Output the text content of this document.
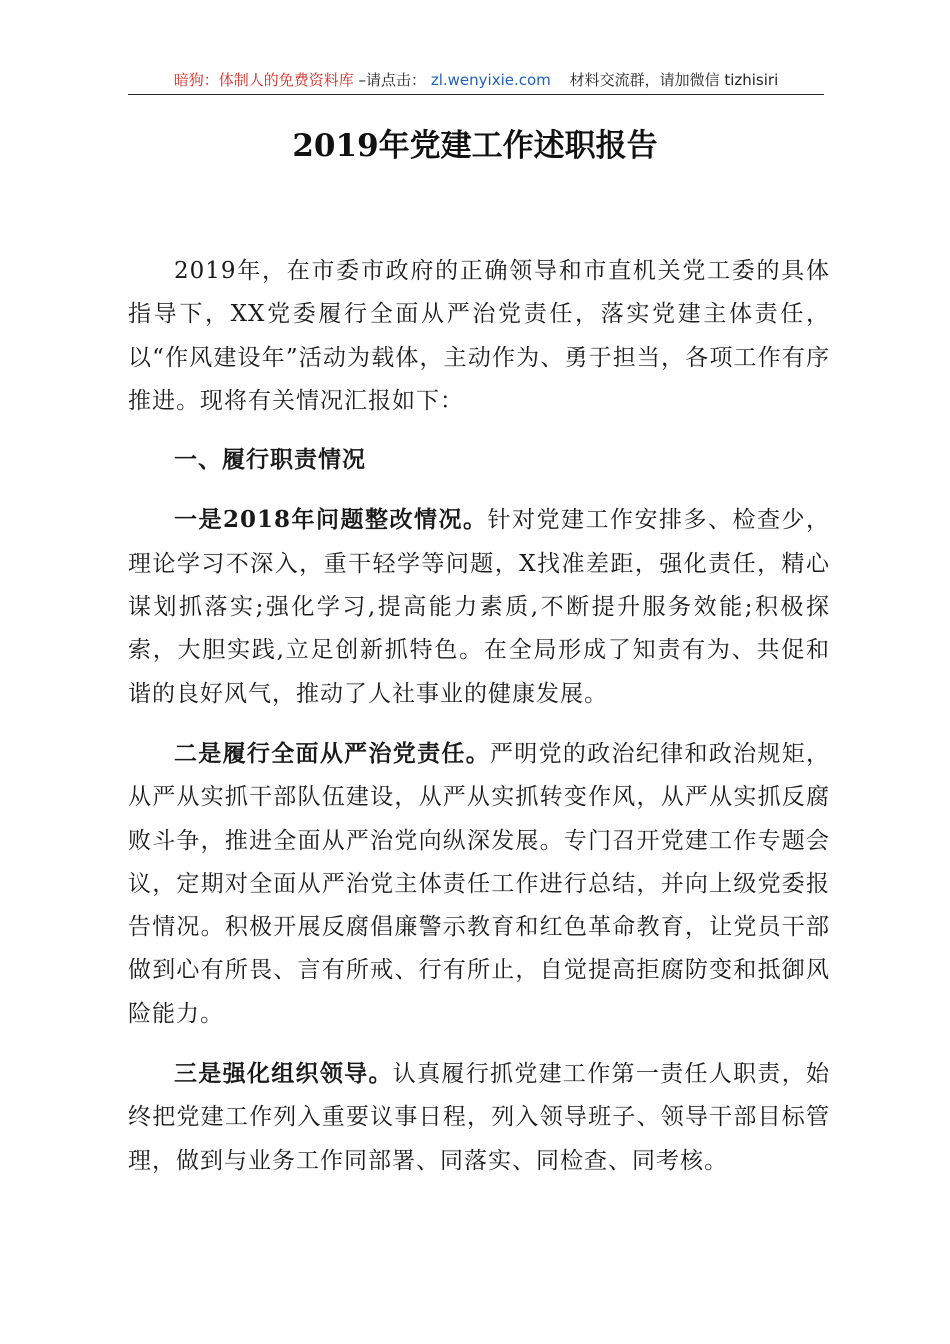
暗狗：体制人的免费资料库 –请点击： zl.wenyixie.com 材料交流群，请加微信 tizhisiri
2019年党建工作述职报告

2019年，在市委市政府的正确领导和市直机关党工委的具体指导下，XX党委履行全面从严治党责任，落实党建主体责任，以“作风建设年”活动为载体，主动作为、勇于担当，各项工作有序推进。现将有关情况汇报如下：

一、履行职责情况

一是2018年问题整改情况。针对党建工作安排多、检查少，理论学习不深入，重干轻学等问题，X找准差距，强化责任，精心谋划抓落实;强化学习,提高能力素质,不断提升服务效能;积极探索，大胆实践,立足创新抓特色。在全局形成了知责有为、共促和谐的良好风气，推动了人社事业的健康发展。

二是履行全面从严治党责任。严明党的政治纪律和政治规矩，从严从实抓干部队伍建设，从严从实抓转变作风，从严从实抓反腐败斗争，推进全面从严治党向纵深发展。专门召开党建工作专题会议，定期对全面从严治党主体责任工作进行总结，并向上级党委报告情况。积极开展反腐倡廉警示教育和红色革命教育，让党员干部做到心有所畏、言有所戒、行有所止，自觉提高拒腐防变和抵御风险能力。

三是强化组织领导。认真履行抓党建工作第一责任人职责，始终把党建工作列入重要议事日程，列入领导班子、领导干部目标管理，做到与业务工作同部署、同落实、同检查、同考核。
